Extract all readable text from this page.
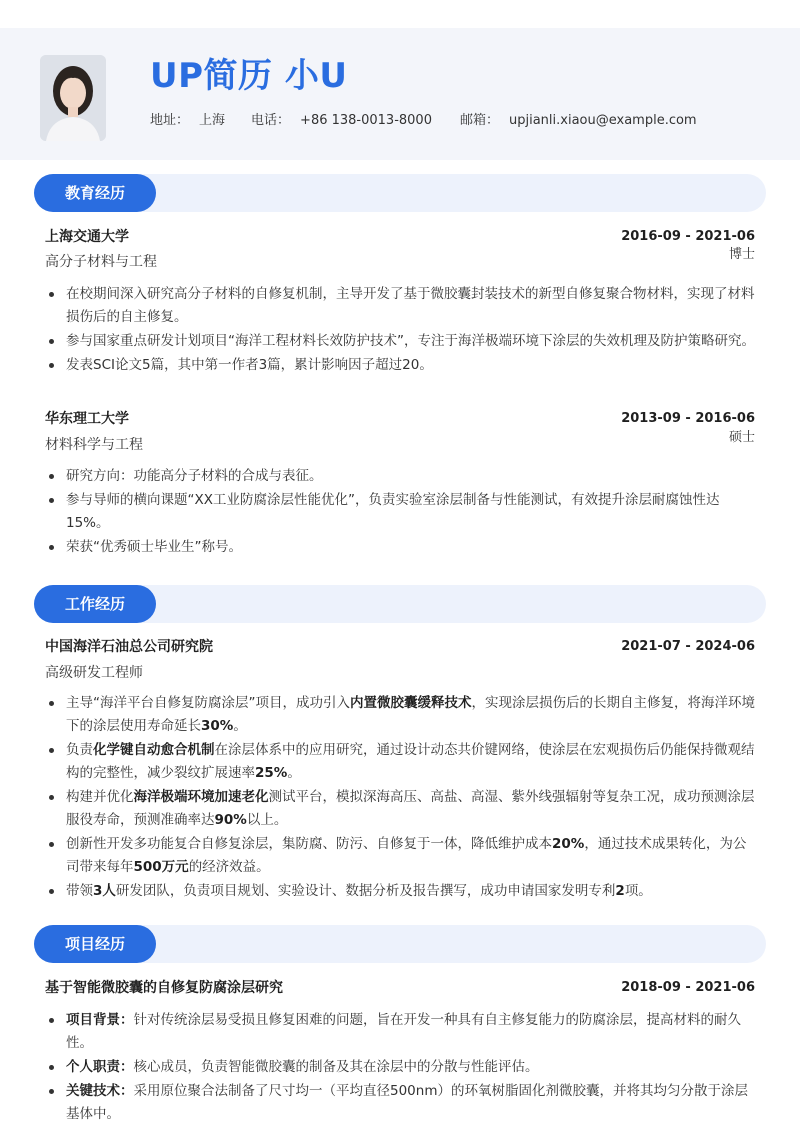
UP简历 小U
地址： 上海 电话： +86 138-0013-8000 邮箱： upjianli.xiaou@example.com
教育经历
上海交通大学	2016-09 - 2021-06
高分子材料与工程	博士
在校期间深入研究高分子材料的自修复机制，主导开发了基于微胶囊封装技术的新型自修复聚合物材料，实现了材料损伤后的自主修复。
参与国家重点研发计划项目“海洋工程材料长效防护技术”，专注于海洋极端环境下涂层的失效机理及防护策略研究。
发表SCI论文5篇，其中第一作者3篇，累计影响因子超过20。
华东理工大学	2013-09 - 2016-06
材料科学与工程	硕士
研究方向：功能高分子材料的合成与表征。
参与导师的横向课题“XX工业防腐涂层性能优化”，负责实验室涂层制备与性能测试，有效提升涂层耐腐蚀性达15%。
荣获“优秀硕士毕业生”称号。
工作经历
中国海洋石油总公司研究院	2021-07 - 2024-06
高级研发工程师
主导“海洋平台自修复防腐涂层”项目，成功引入内置微胶囊缓释技术，实现涂层损伤后的长期自主修复，将海洋环境下的涂层使用寿命延长30%。
负责化学键自动愈合机制在涂层体系中的应用研究，通过设计动态共价键网络，使涂层在宏观损伤后仍能保持微观结构的完整性，减少裂纹扩展速率25%。
构建并优化海洋极端环境加速老化测试平台，模拟深海高压、高盐、高湿、紫外线强辐射等复杂工况，成功预测涂层服役寿命，预测准确率达90%以上。
创新性开发多功能复合自修复涂层，集防腐、防污、自修复于一体，降低维护成本20%，通过技术成果转化，为公司带来每年500万元的经济效益。
带领3人研发团队，负责项目规划、实验设计、数据分析及报告撰写，成功申请国家发明专利2项。
项目经历
基于智能微胶囊的自修复防腐涂层研究	2018-09 - 2021-06
项目背景：针对传统涂层易受损且修复困难的问题，旨在开发一种具有自主修复能力的防腐涂层，提高材料的耐久性。
个人职责：核心成员，负责智能微胶囊的制备及其在涂层中的分散与性能评估。
关键技术：采用原位聚合法制备了尺寸均一（平均直径500nm）的环氧树脂固化剂微胶囊，并将其均匀分散于涂层基体中。
